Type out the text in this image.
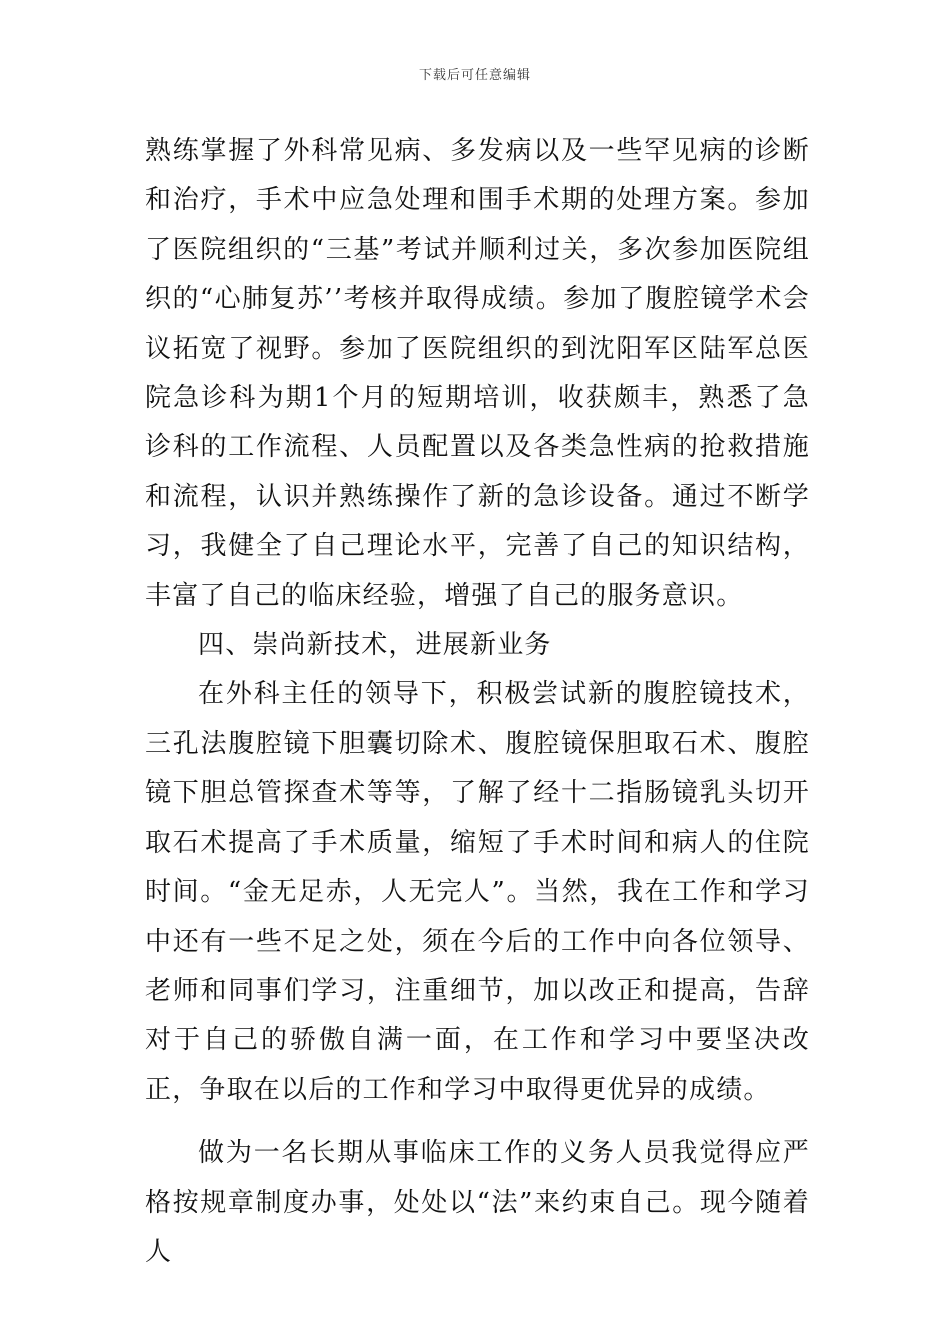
下载后可任意编辑

熟练掌握了外科常见病、多发病以及一些罕见病的诊断和治疗，手术中应急处理和围手术期的处理方案。参加了医院组织的“三基”考试并顺利过关，多次参加医院组织的“心肺复苏’’考核并取得成绩。参加了腹腔镜学术会议拓宽了视野。参加了医院组织的到沈阳军区陆军总医院急诊科为期1个月的短期培训，收获颇丰，熟悉了急诊科的工作流程、人员配置以及各类急性病的抢救措施和流程，认识并熟练操作了新的急诊设备。通过不断学习，我健全了自己理论水平，完善了自己的知识结构，丰富了自己的临床经验，增强了自己的服务意识。

四、崇尚新技术，进展新业务

在外科主任的领导下，积极尝试新的腹腔镜技术，三孔法腹腔镜下胆囊切除术、腹腔镜保胆取石术、腹腔镜下胆总管探查术等等，了解了经十二指肠镜乳头切开取石术提高了手术质量，缩短了手术时间和病人的住院时间。“金无足赤，人无完人”。当然，我在工作和学习中还有一些不足之处，须在今后的工作中向各位领导、老师和同事们学习，注重细节，加以改正和提高，告辞对于自己的骄傲自满一面，在工作和学习中要坚决改正，争取在以后的工作和学习中取得更优异的成绩。

做为一名长期从事临床工作的义务人员我觉得应严格按规章制度办事，处处以“法”来约束自己。现今随着人
